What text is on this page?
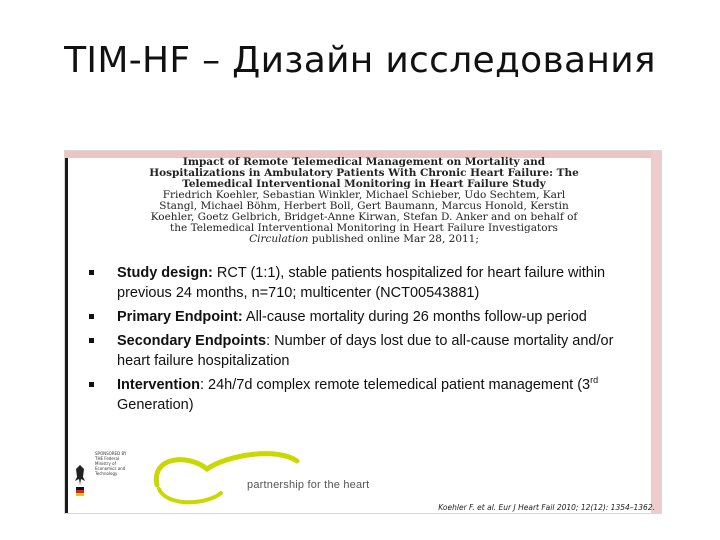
TIM-HF – Дизайн исследования
Impact of Remote Telemedical Management on Mortality and Hospitalizations in Ambulatory Patients With Chronic Heart Failure: The Telemedical Interventional Monitoring in Heart Failure Study
Friedrich Koehler, Sebastian Winkler, Michael Schieber, Udo Sechtem, Karl Stangl, Michael Böhm, Herbert Boll, Gert Baumann, Marcus Honold, Kerstin Koehler, Goetz Gelbrich, Bridget-Anne Kirwan, Stefan D. Anker and on behalf of the Telemedical Interventional Monitoring in Heart Failure Investigators
Circulation published online Mar 28, 2011;
Study design: RCT (1:1), stable patients hospitalized for heart failure within previous 24 months, n=710; multicenter (NCT00543881)
Primary Endpoint: All-cause mortality during 26 months follow-up period
Secondary Endpoints: Number of days lost due to all-cause mortality and/or heart failure hospitalization
Intervention: 24h/7d complex remote telemedical patient management (3rd Generation)
SPONSORED BY THE Federal Ministry of Economics and Technology
partnership for the heart
Koehler F. et al. Eur J Heart Fail 2010; 12(12): 1354–1362.
